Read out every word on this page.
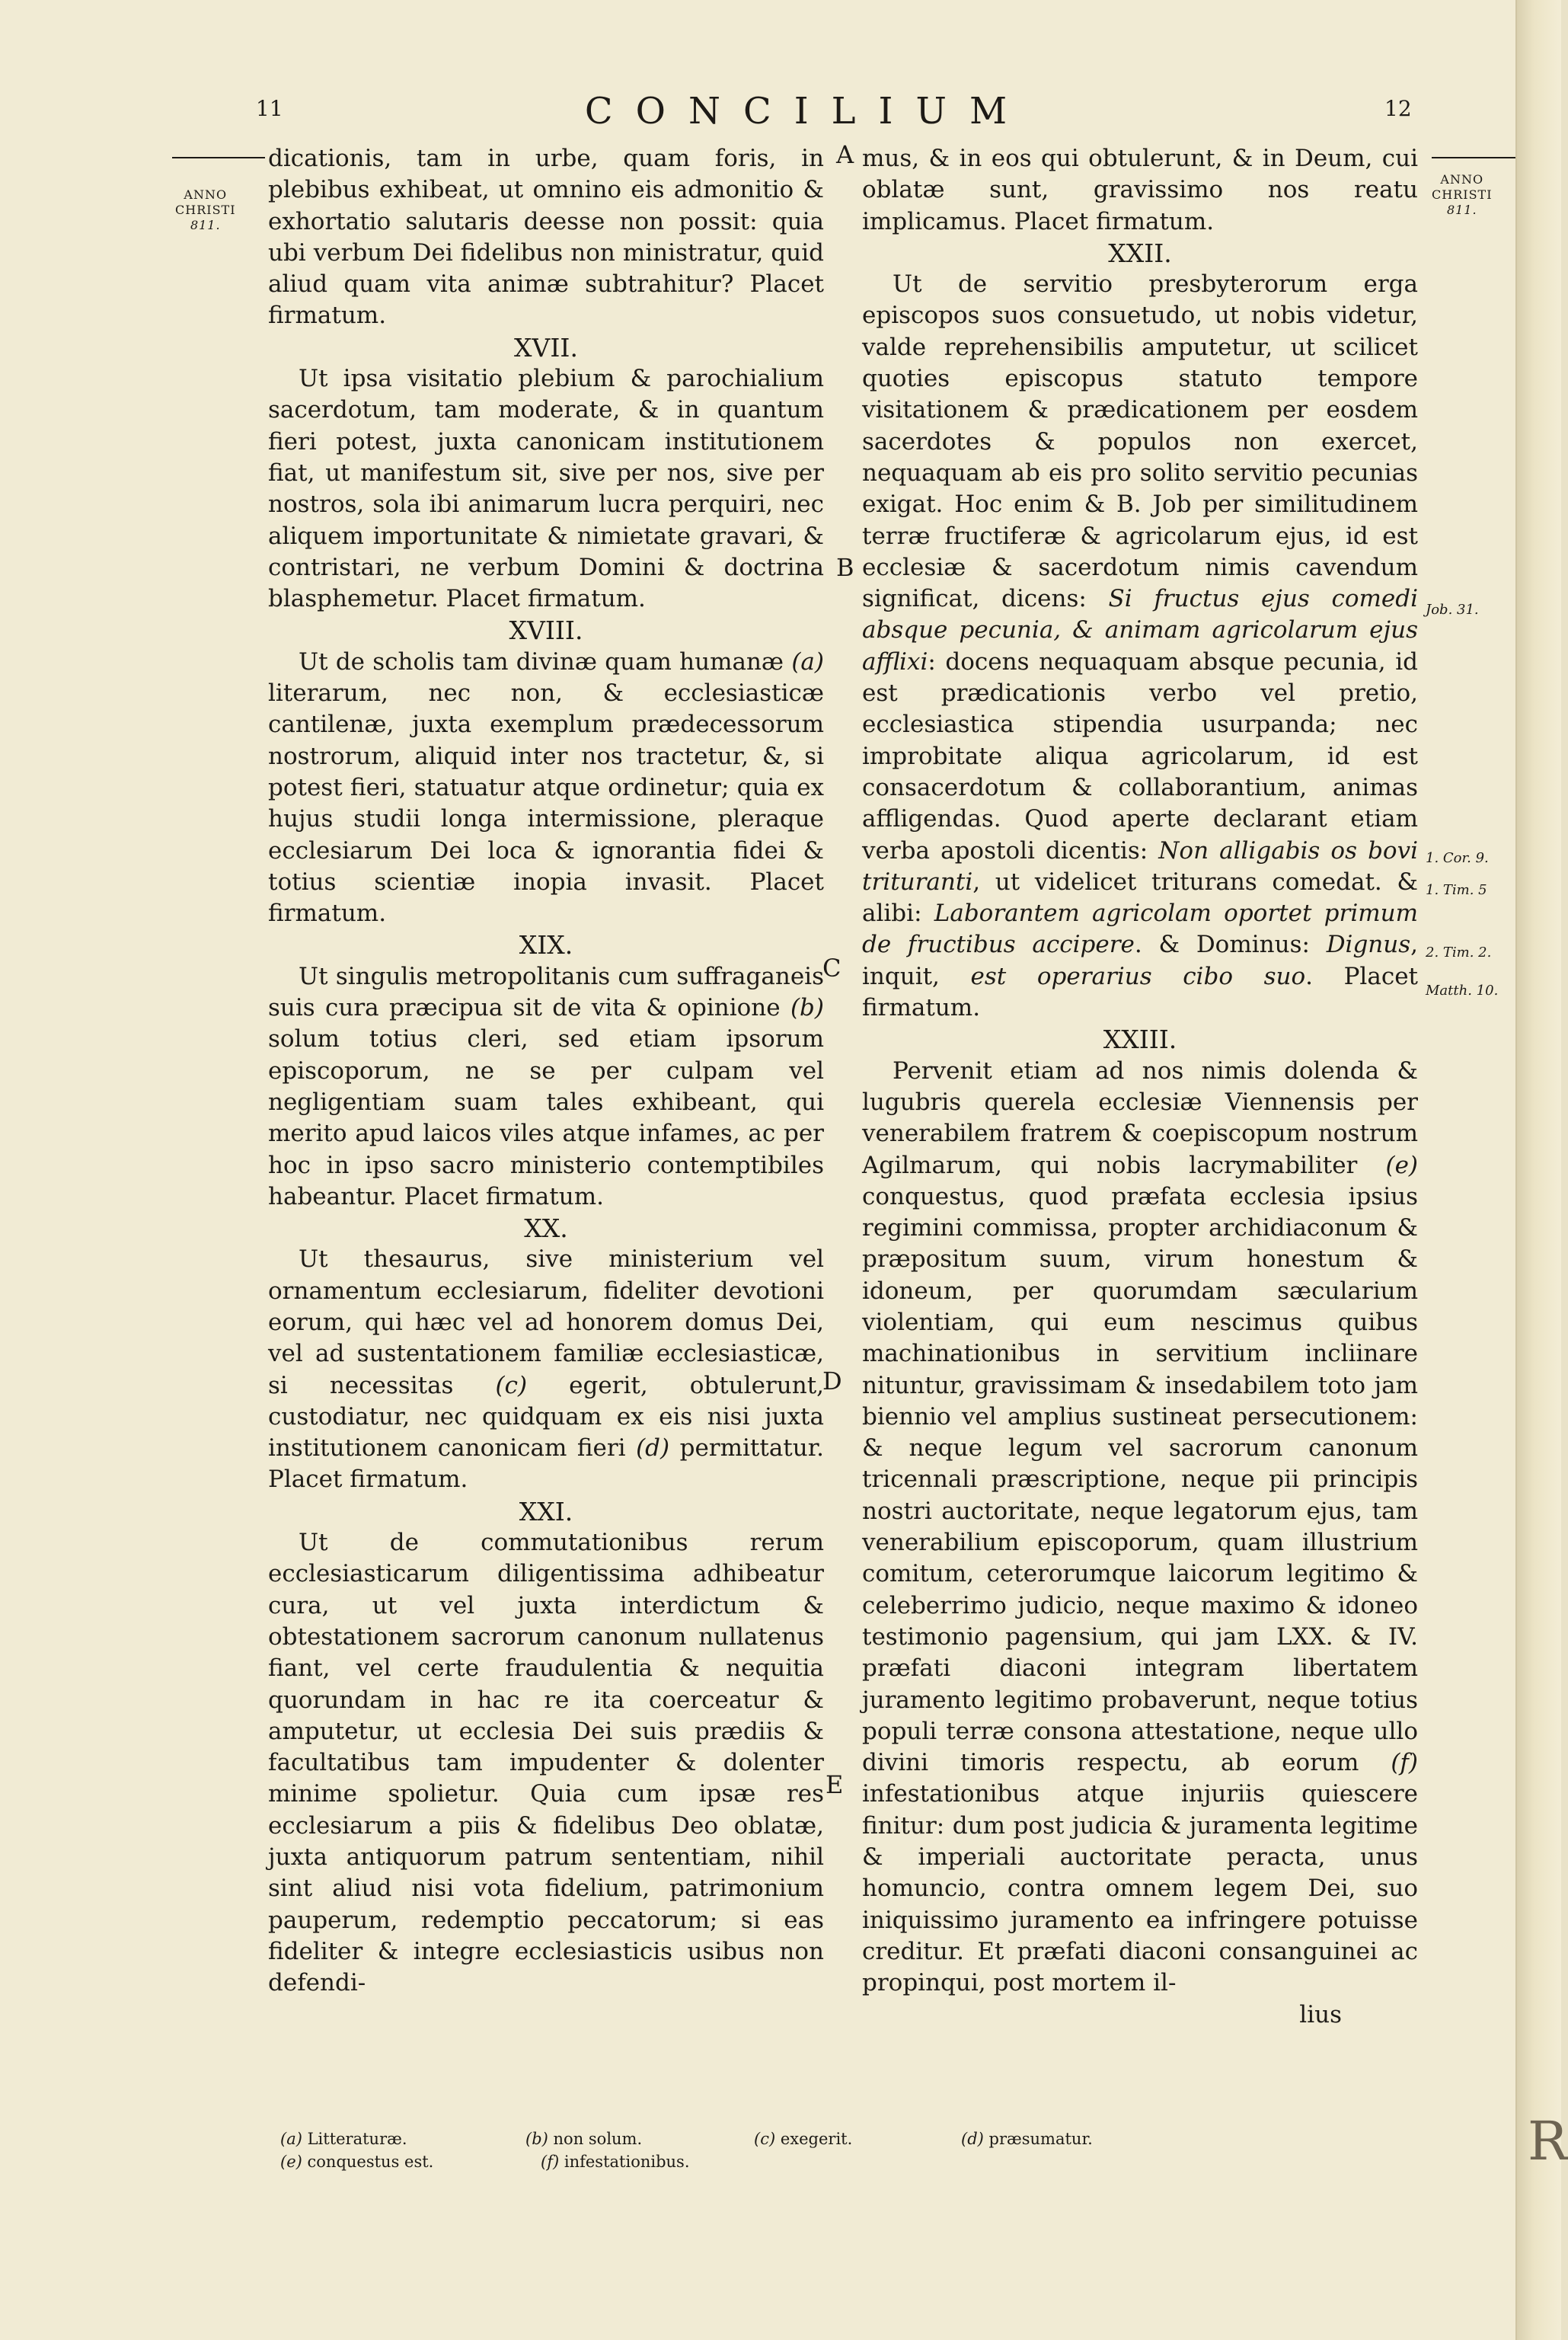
11	CONCILIUM	12
ANNO
CHRISTI
811.
ANNO
CHRISTI
811.

dicationis, tam in urbe, quam foris, in plebibus exhibeat, ut omnino eis admonitio & exhortatio salutaris deesse non possit: quia ubi verbum Dei fidelibus non ministratur, quid aliud quam vita animæ subtrahitur? Placet firmatum.

XVII.

Ut ipsa visitatio plebium & parochialium sacerdotum, tam moderate, & in quantum fieri potest, juxta canonicam institutionem fiat, ut manifestum sit, sive per nos, sive per nostros, sola ibi animarum lucra perquiri, nec aliquem importunitate & nimietate gravari, & contristari, ne verbum Domini & doctrina blasphemetur. Placet firmatum.

XVIII.

Ut de scholis tam divinæ quam humanæ (a) literarum, nec non, & ecclesiasticæ cantilenæ, juxta exemplum prædecessorum nostrorum, aliquid inter nos tractetur, &, si potest fieri, statuatur atque ordinetur; quia ex hujus studii longa intermissione, pleraque ecclesiarum Dei loca & ignorantia fidei & totius scientiæ inopia invasit. Placet firmatum.

XIX.

Ut singulis metropolitanis cum suffraganeis suis cura præcipua sit de vita & opinione (b) solum totius cleri, sed etiam ipsorum episcoporum, ne se per culpam vel negligentiam suam tales exhibeant, qui merito apud laicos viles atque infames, ac per hoc in ipso sacro ministerio contemptibiles habeantur. Placet firmatum.

XX.

Ut thesaurus, sive ministerium vel ornamentum ecclesiarum, fideliter devotioni eorum, qui hæc vel ad honorem domus Dei, vel ad sustentationem familiæ ecclesiasticæ, si necessitas (c) egerit, obtulerunt, custodiatur, nec quidquam ex eis nisi juxta institutionem canonicam fieri (d) permittatur. Placet firmatum.

XXI.

Ut de commutationibus rerum ecclesiasticarum diligentissima adhibeatur cura, ut vel juxta interdictum & obtestationem sacrorum canonum nullatenus fiant, vel certe fraudulentia & nequitia quorundam in hac re ita coerceatur & amputetur, ut ecclesia Dei suis prædiis & facultatibus tam impudenter & dolenter minime spolietur. Quia cum ipsæ res ecclesiarum a piis & fidelibus Deo oblatæ, juxta antiquorum patrum sententiam, nihil sint aliud nisi vota fidelium, patrimonium pauperum, redemptio peccatorum; si eas fideliter & integre ecclesiasticis usibus non defendi-

mus, & in eos qui obtulerunt, & in Deum, cui oblatæ sunt, gravissimo nos reatu implicamus. Placet firmatum.

XXII.

Ut de servitio presbyterorum erga episcopos suos consuetudo, ut nobis videtur, valde reprehensibilis amputetur, ut scilicet quoties episcopus statuto tempore visitationem & prædicationem per eosdem sacerdotes & populos non exercet, nequaquam ab eis pro solito servitio pecunias exigat. Hoc enim & B. Job per similitudinem terræ fructiferæ & agricolarum ejus, id est ecclesiæ & sacerdotum nimis cavendum significat, dicens: Si fructus ejus comedi absque pecunia, & animam agricolarum ejus afflixi: docens nequaquam absque pecunia, id est prædicationis verbo vel pretio, ecclesiastica stipendia usurpanda; nec improbitate aliqua agricolarum, id est consacerdotum & collaborantium, animas affligendas. Quod aperte declarant etiam verba apostoli dicentis: Non alligabis os bovi trituranti, ut videlicet triturans comedat. & alibi: Laborantem agricolam oportet primum de fructibus accipere. & Dominus: Dignus, inquit, est operarius cibo suo. Placet firmatum.

XXIII.

Pervenit etiam ad nos nimis dolenda & lugubris querela ecclesiæ Viennensis per venerabilem fratrem & coepiscopum nostrum Agilmarum, qui nobis lacrymabiliter (e) conquestus, quod præfata ecclesia ipsius regimini commissa, propter archidiaconum & præpositum suum, virum honestum & idoneum, per quorumdam sæcularium violentiam, qui eum nescimus quibus machinationibus in servitium incliinare nituntur, gravissimam & insedabilem toto jam biennio vel amplius sustineat persecutionem: & neque legum vel sacrorum canonum tricennali præscriptione, neque pii principis nostri auctoritate, neque legatorum ejus, tam venerabilium episcoporum, quam illustrium comitum, ceterorumque laicorum legitimo & celeberrimo judicio, neque maximo & idoneo testimonio pagensium, qui jam LXX. & IV. præfati diaconi integram libertatem juramento legitimo probaverunt, neque totius populi terræ consona attestatione, neque ullo divini timoris respectu, ab eorum (f) infestationibus atque injuriis quiescere finitur: dum post judicia & juramenta legitime & imperiali auctoritate peracta, unus homuncio, contra omnem legem Dei, suo iniquissimo juramento ea infringere potuisse creditur. Et præfati diaconi consanguinei ac propinqui, post mortem il-

lius
A
B
C
D
E
Job. 31.
1. Cor. 9.
1. Tim. 5
2. Tim. 2.
Matth. 10.
(a) Litteraturæ.	(b) non solum.	(c) exegerit.	(d) præsumatur.
(e) conquestus est.	(f) infestationibus.	R
